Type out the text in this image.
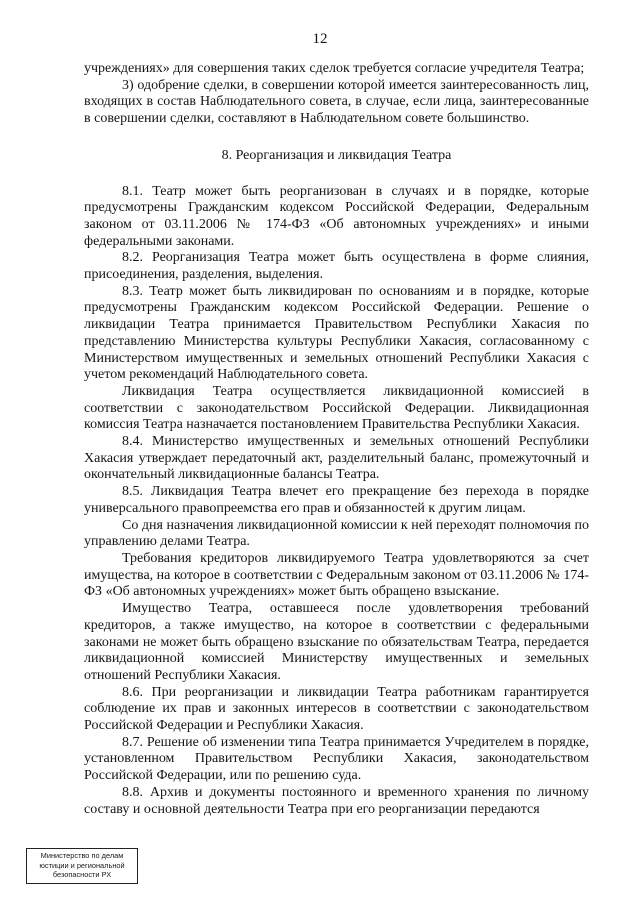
12

учреждениях» для совершения таких сделок требуется согласие учредителя Театра;

3) одобрение сделки, в совершении которой имеется заинтересованность лиц, входящих в состав Наблюдательного совета, в случае, если лица, заинтересованные в совершении сделки, составляют в Наблюдательном совете большинство.

8. Реорганизация и ликвидация Театра

8.1. Театр может быть реорганизован в случаях и в порядке, которые предусмотрены Гражданским кодексом Российской Федерации, Федеральным законом от 03.11.2006 № 174-ФЗ «Об автономных учреждениях» и иными федеральными законами.

8.2. Реорганизация Театра может быть осуществлена в форме слияния, присоединения, разделения, выделения.

8.3. Театр может быть ликвидирован по основаниям и в порядке, которые предусмотрены Гражданским кодексом Российской Федерации. Решение о ликвидации Театра принимается Правительством Республики Хакасия по представлению Министерства культуры Республики Хакасия, согласованному с Министерством имущественных и земельных отношений Республики Хакасия с учетом рекомендаций Наблюдательного совета.

Ликвидация Театра осуществляется ликвидационной комиссией в соответствии с законодательством Российской Федерации. Ликвидационная комиссия Театра назначается постановлением Правительства Республики Хакасия.

8.4. Министерство имущественных и земельных отношений Республики Хакасия утверждает передаточный акт, разделительный баланс, промежуточный и окончательный ликвидационные балансы Театра.

8.5. Ликвидация Театра влечет его прекращение без перехода в порядке универсального правопреемства его прав и обязанностей к другим лицам.

Со дня назначения ликвидационной комиссии к ней переходят полномочия по управлению делами Театра.

Требования кредиторов ликвидируемого Театра удовлетворяются за счет имущества, на которое в соответствии с Федеральным законом от 03.11.2006 № 174-ФЗ «Об автономных учреждениях» может быть обращено взыскание.

Имущество Театра, оставшееся после удовлетворения требований кредиторов, а также имущество, на которое в соответствии с федеральными законами не может быть обращено взыскание по обязательствам Театра, передается ликвидационной комиссией Министерству имущественных и земельных отношений Республики Хакасия.

8.6. При реорганизации и ликвидации Театра работникам гарантируется соблюдение их прав и законных интересов в соответствии с законодательством Российской Федерации и Республики Хакасия.

8.7. Решение об изменении типа Театра принимается Учредителем в порядке, установленном Правительством Республики Хакасия, законодательством Российской Федерации, или по решению суда.

8.8. Архив и документы постоянного и временного хранения по личному составу и основной деятельности Театра при его реорганизации передаются

Министерство по делам
юстиции и региональной
безопасности РХ
